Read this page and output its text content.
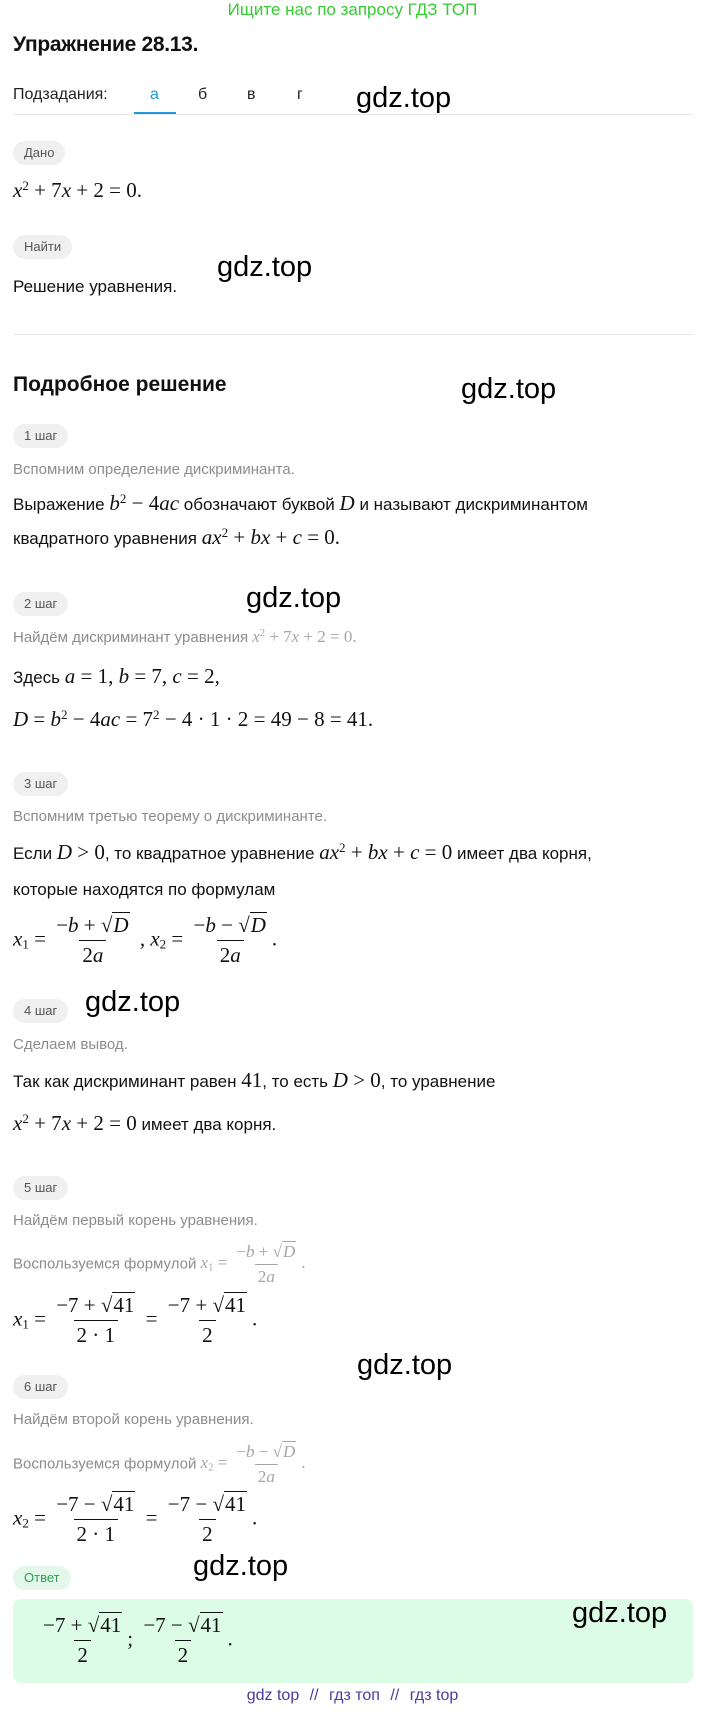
Ищите нас по запросу ГДЗ ТОП
Упражнение 28.13.
Подзадания:	а б в	г gdz.top
gdz.top
gdz.top
gdz.top
gdz.top
gdz.top
gdz.top
Дано
$x^2 + 7x + 2 = 0$.
Найти
Решение уравнения.
Подробное решение
1 шаг
Вспомним определение дискриминанта.
Выражение $b^2 - 4ac$ обозначают буквой D и называют дискриминантом
квадратного уравнения $ax^2$ + bx + c = 0.
2 шаг
Найдём дискриминант уравнения $x^2 + 7x + 2 = 0$.
Здесь a = 1, b = 7, c = 2,
$D = b^2 - 4ac = 7^2 - 4 \cdot 1 \cdot 2 = 49 - 8 = 41$.
3 шаг
Вспомним третью теорему о дискриминанте.
Если D > 0, то квадратное уравнение $ax^2$ + bx + c = 0 имеет два корня,
которые находятся по формулам
$x_1 = \frac{-b + √D}{2a}$ , $x_2 = \frac{-b - √D}{2a}$ .
4 шаг
Сделаем вывод.
Так как дискриминант равен 41, то есть D > 0, то уравнение
$x^2 + 7x + 2 = 0$ имеет два корня.
5 шаг
Найдём первый корень уравнения.
Воспользуемся формулой $x_1 = \frac{-b + √D}{2a}$ .
$x_1 = \frac{-7 + √41}{2 \cdot 1} = \frac{-7 + √41}{2}$ .
6 шаг
Найдём второй корень уравнения.
Воспользуемся формулой $x_2 = \frac{-b - √D}{2a}$ .
$x_2 = \frac{-7 - √41}{2 \cdot 1} = \frac{-7 - √41}{2}$ .
Ответ
gdz.top
$\frac{-7 + √41}{2}$ ; $\frac{-7 - √41}{2}$ .
gdz top // гдз топ // гдз top
